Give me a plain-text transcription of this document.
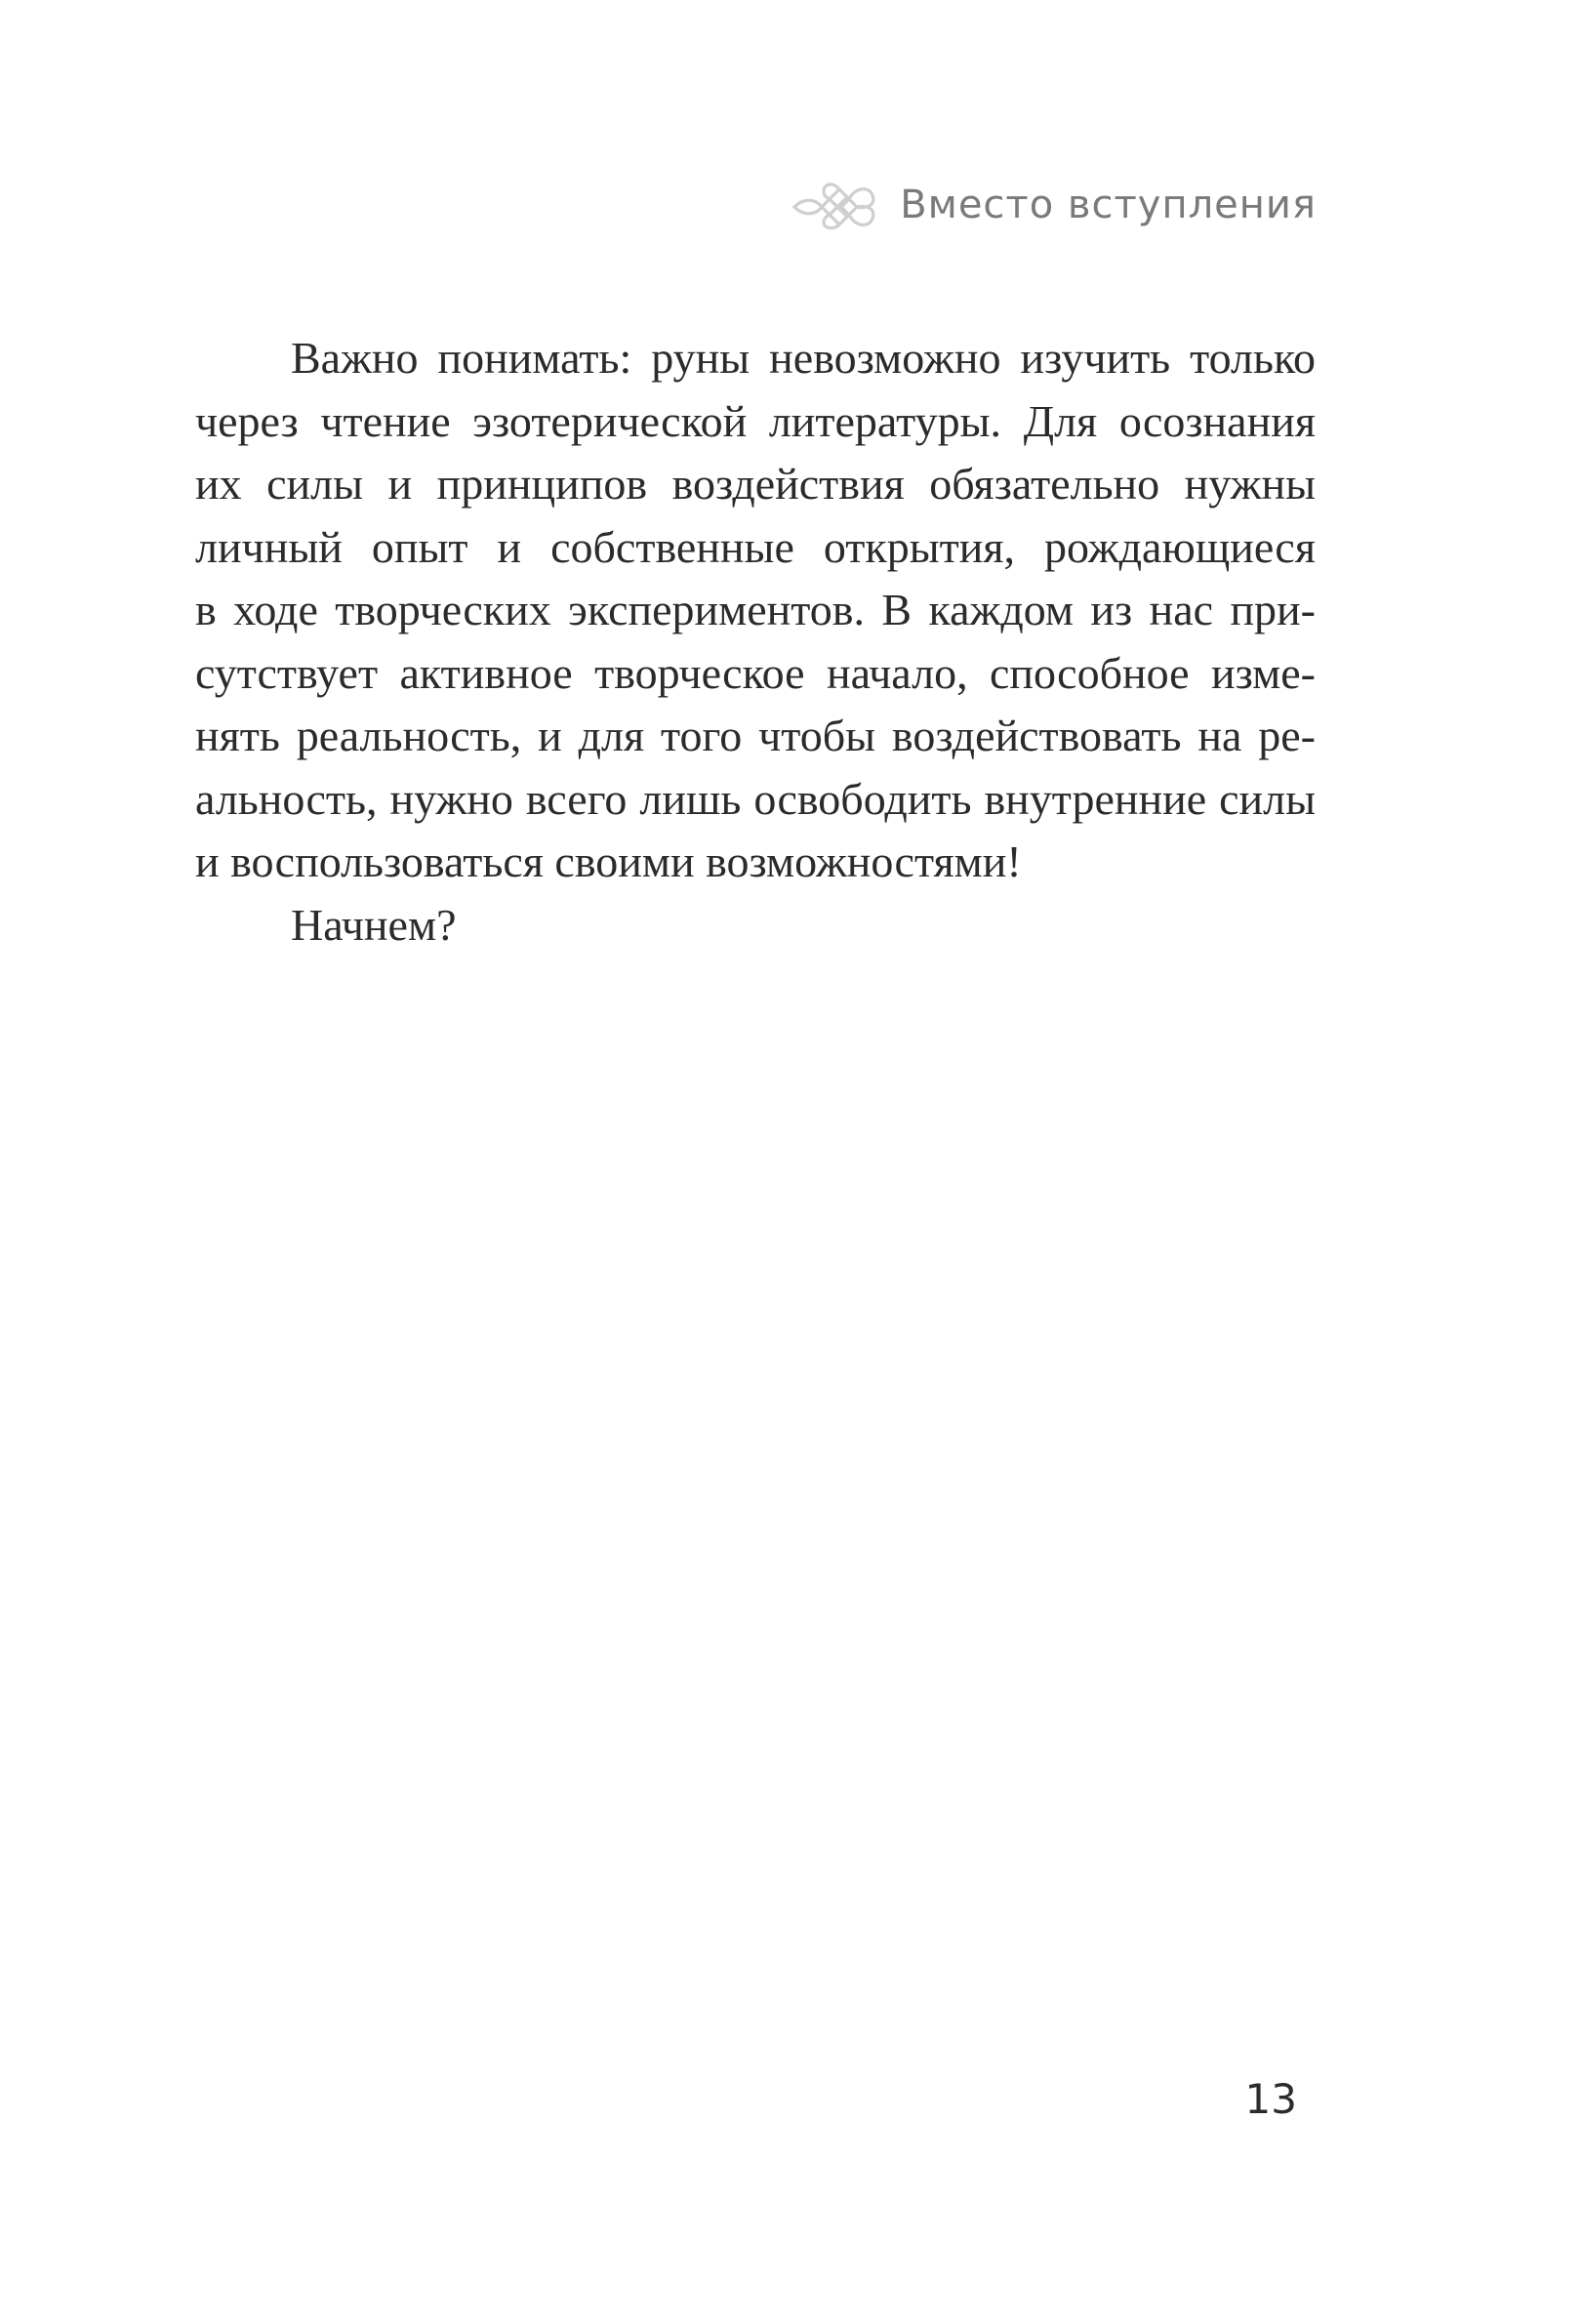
Вместо вступления
Важно понимать: руны невозможно изучить только
через чтение эзотерической литературы. Для осознания
их силы и принципов воздействия обязательно нужны
личный опыт и собственные открытия, рождающиеся
в ходе творческих экспериментов. В каждом из нас при-
сутствует активное творческое начало, способное изме-
нять реальность, и для того чтобы воздействовать на ре-
альность, нужно всего лишь освободить внутренние силы
и воспользоваться своими возможностями!
Начнем?
13
